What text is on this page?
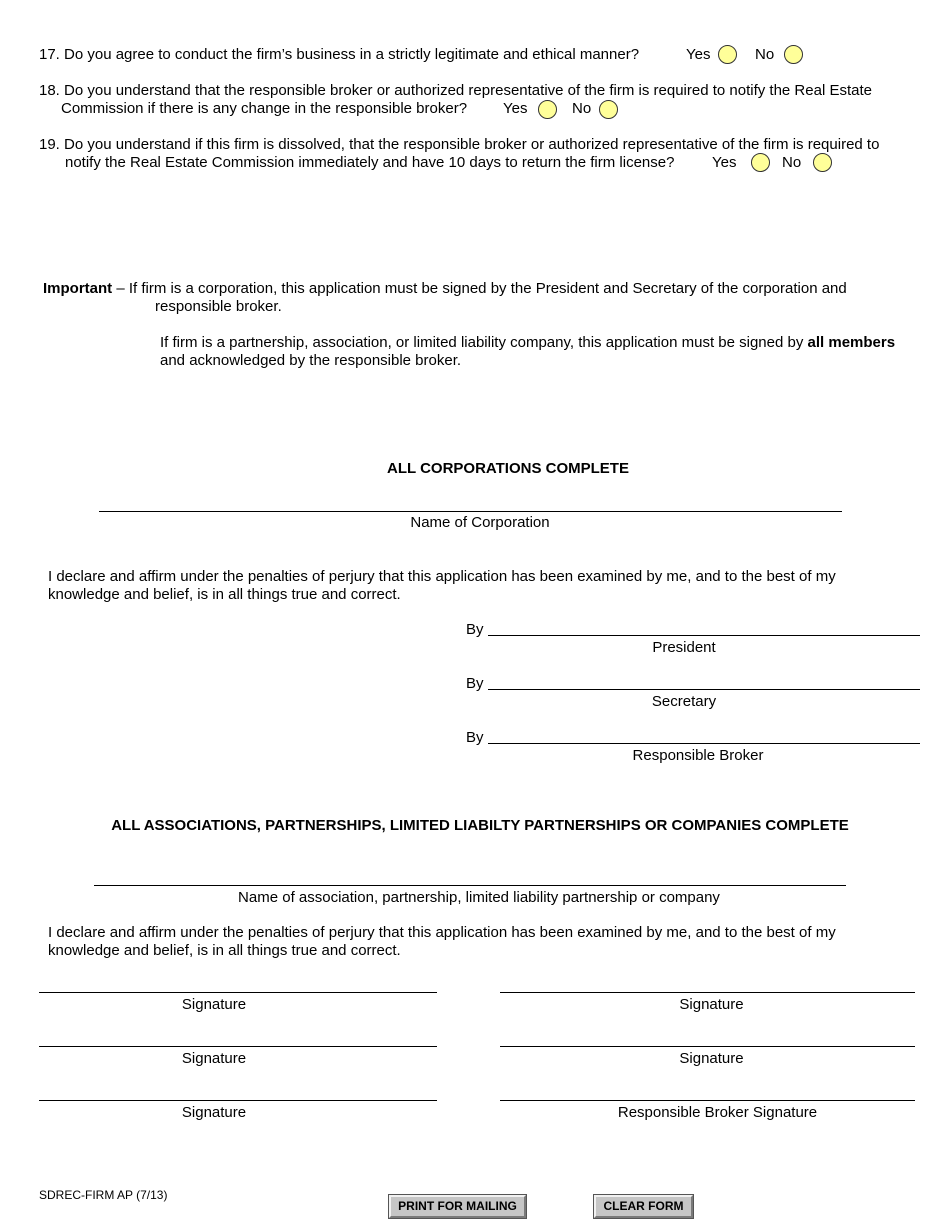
17. Do you agree to conduct the firm’s business in a strictly legitimate and ethical manner?	Yes	No
18. Do you understand that the responsible broker or authorized representative of the firm is required to notify the Real Estate
Commission if there is any change in the responsible broker? Yes	No
19. Do you understand if this firm is dissolved, that the responsible broker or authorized representative of the firm is required to
notify the Real Estate Commission immediately and have 10 days to return the firm license?	Yes	No
Important – If firm is a corporation, this application must be signed by the President and Secretary of the corporation and
responsible broker.
If firm is a partnership, association, or limited liability company, this application must be signed by all members
and acknowledged by the responsible broker.
ALL CORPORATIONS COMPLETE
Name of Corporation
I declare and affirm under the penalties of perjury that this application has been examined by me, and to the best of my
knowledge and belief, is in all things true and correct.
By
President
By
Secretary
By
Responsible Broker
ALL ASSOCIATIONS, PARTNERSHIPS, LIMITED LIABILTY PARTNERSHIPS OR COMPANIES COMPLETE
Name of association, partnership, limited liability partnership or company
I declare and affirm under the penalties of perjury that this application has been examined by me, and to the best of my
knowledge and belief, is in all things true and correct.
Signature	Signature
Signature	Signature
Signature	Responsible Broker Signature
SDREC-FIRM AP (7/13)
PRINT FOR MAILING	CLEAR FORM
